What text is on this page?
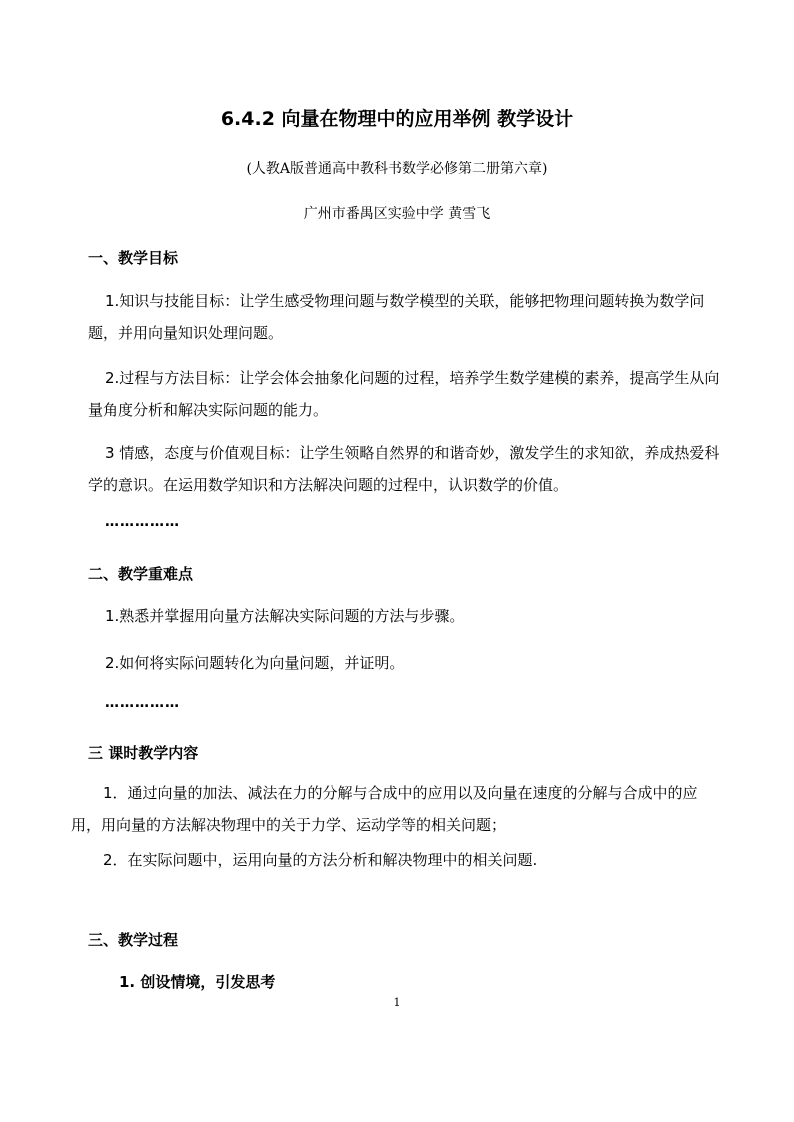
6.4.2 向量在物理中的应用举例 教学设计
(人教A版普通高中教科书数学必修第二册第六章)
广州市番禺区实验中学 黄雪飞
一、教学目标
1.知识与技能目标：让学生感受物理问题与数学模型的关联，能够把物理问题转换为数学问题，并用向量知识处理问题。
2.过程与方法目标：让学会体会抽象化问题的过程，培养学生数学建模的素养，提高学生从向量角度分析和解决实际问题的能力。
3 情感，态度与价值观目标：让学生领略自然界的和谐奇妙，激发学生的求知欲，养成热爱科学的意识。在运用数学知识和方法解决问题的过程中，认识数学的价值。
……………
二、教学重难点
1.熟悉并掌握用向量方法解决实际问题的方法与步骤。
2.如何将实际问题转化为向量问题，并证明。
……………
三 课时教学内容
1．通过向量的加法、减法在力的分解与合成中的应用以及向量在速度的分解与合成中的应用，用向量的方法解决物理中的关于力学、运动学等的相关问题；
2．在实际问题中，运用向量的方法分析和解决物理中的相关问题.
三、教学过程
1. 创设情境，引发思考
1
